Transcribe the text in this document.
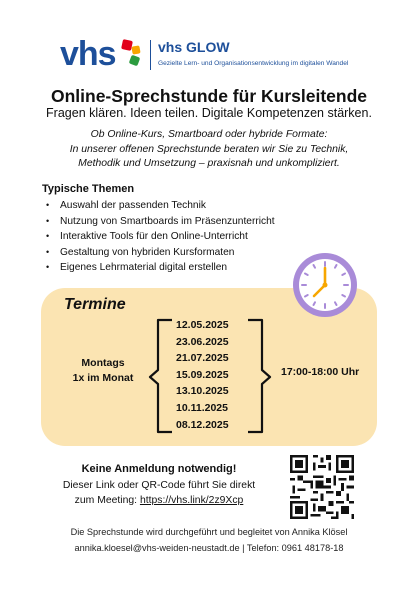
vhs	vhs GLOW
Gezielte Lern- und Organisationsentwicklung im digitalen Wandel
Online-Sprechstunde für Kursleitende
Fragen klären. Ideen teilen. Digitale Kompetenzen stärken.
Ob Online-Kurs, Smartboard oder hybride Formate:
In unserer offenen Sprechstunde beraten wir Sie zu Technik,
Methodik und Umsetzung – praxisnah und unkompliziert.
Typische Themen
• Auswahl der passenden Technik
• Nutzung von Smartboards im Präsenzunterricht
• Interaktive Tools für den Online-Unterricht
• Gestaltung von hybriden Kursformaten
• Eigenes Lehrmaterial digital erstellen
Termine
Montags
1x im Monat
12.05.2025
23.06.2025
21.07.2025
15.09.2025
13.10.2025
10.11.2025
08.12.2025
17:00-18:00 Uhr
Keine Anmeldung notwendig!
Dieser Link oder QR-Code führt Sie direkt
zum Meeting: https://vhs.link/2z9Xcp
Die Sprechstunde wird durchgeführt und begleitet von Annika Klösel
annika.kloesel@vhs-weiden-neustadt.de | Telefon: 0961 48178-18
